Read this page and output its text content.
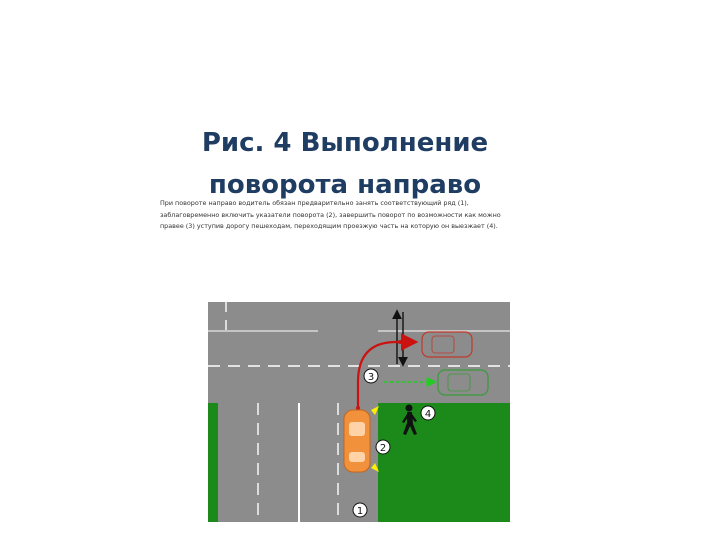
Рис. 4 Выполнение поворота направо
При повороте направо водитель обязан предварительно занять соответствующий ряд (1), заблаговременно включить указатели поворота (2), завершить поворот по возможности как можно правее (3) уступив дорогу пешеходам, переходящим проезжую часть на которую он выезжает (4).
3
4
2
1
